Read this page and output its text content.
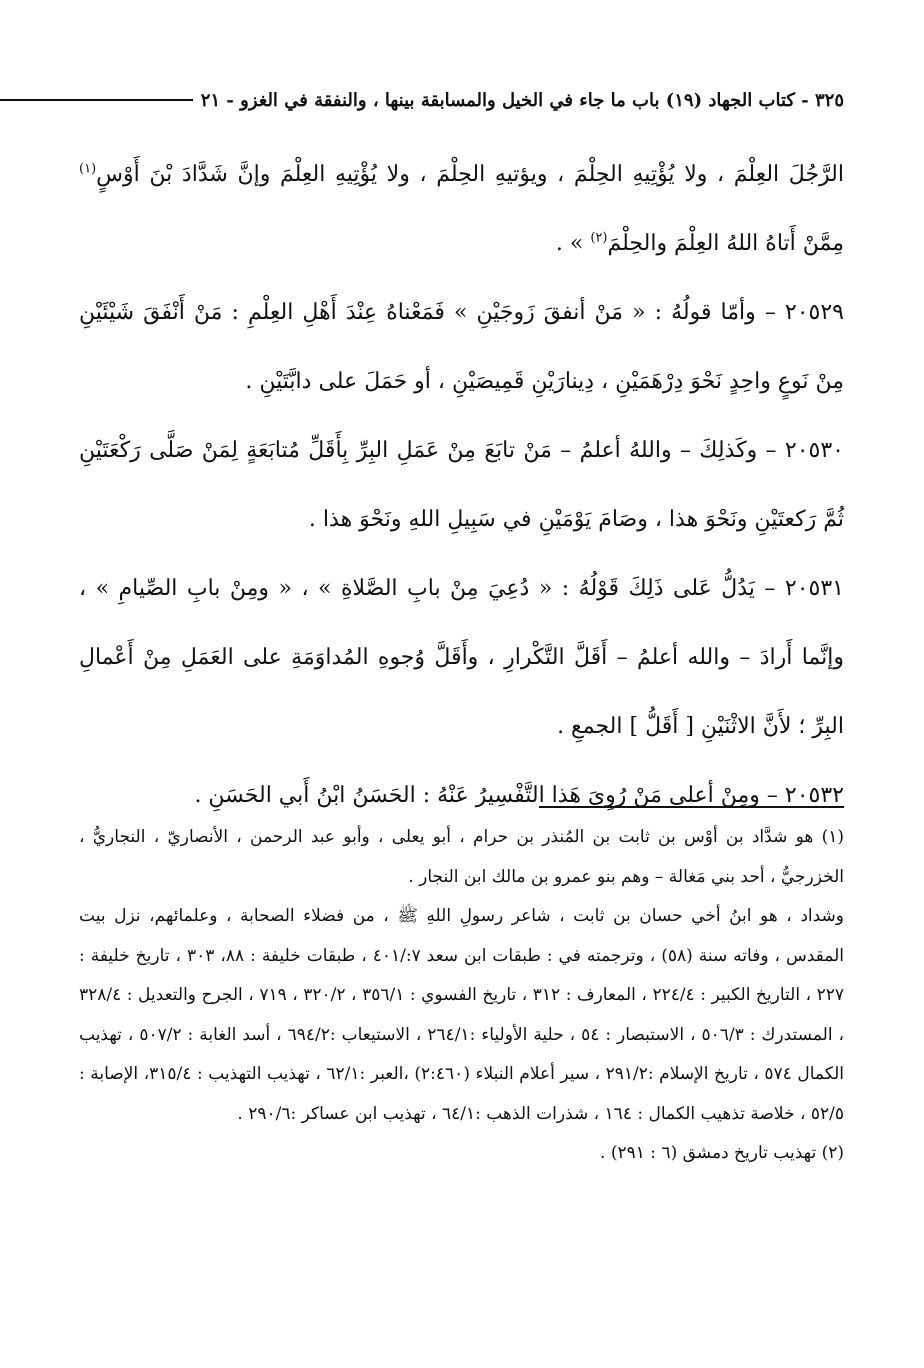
٣٢٥ - كتاب الجهاد (١٩) باب ما جاء في الخيل والمسابقة بينها ، والنفقة في الغزو - ٢١

الرَّجُلَ العِلْمَ ، ولا يُؤْتِيهِ الحِلْمَ ، ويؤتيهِ الحِلْمَ ، ولا يُؤْتِيهِ العِلْمَ وإنَّ شَدَّادَ بْنَ أَوْسٍ$^{(١)}$ مِمَّنْ أَتاهُ اللهُ العِلْمَ والحِلْمَ$^{(٢)}$ » .

٢٠٥٢٩ – وأمّا قولُهُ : « مَنْ أنفقَ زَوجَيْنِ » فَمَعْناهُ عِنْدَ أَهْلِ العِلْمِ : مَنْ أَنْفَقَ شَيْئَيْنِ مِنْ نَوعٍ واحِدٍ نَحْوَ دِرْهَمَيْنِ ، دِينارَيْنِ قَمِيصَيْنِ ، أو حَمَلَ على دابَّتَيْنِ .

٢٠٥٣٠ – وكَذلِكَ – واللهُ أعلمُ – مَنْ تابَعَ مِنْ عَمَلِ البِرِّ بِأَقَلِّ مُتابَعَةٍ لِمَنْ صَلَّى رَكْعَتَيْنِ ثُمَّ رَكعتَيْنِ ونَحْوَ هذا ، وصَامَ يَوْمَيْنِ في سَبِيلِ اللهِ ونَحْوَ هذا .

٢٠٥٣١ – يَدُلُّ عَلى ذَلِكَ قَوْلُهُ : « دُعِيَ مِنْ بابِ الصَّلاةِ » ، « ومِنْ بابِ الصِّيامِ » ، وإنَّما أَرادَ – والله أعلمُ – أَقَلَّ التَّكْرارِ ، وأَقَلَّ وُجوهِ المُداوَمَةِ على العَمَلِ مِنْ أَعْمالِ البِرِّ ؛ لأَنَّ الاثْنَيْنِ [ أَقَلُّ ] الجمعِ .

٢٠٥٣٢ – ومِنْ أعلى مَنْ رُوِيَ هَذا التَّفْسِيرُ عَنْهُ : الحَسَنُ ابْنُ أَبي الحَسَنِ .

(١) هو شدَّاد بن أوْس بن ثابت بن المُنذر بن حرام ، أبو يعلى ، وأبو عبد الرحمن ، الأنصاريّ ، النجاريُّ ، الخزرجيُّ ، أحد بني مَغالة – وهم بنو عمرو بن مالك ابن النجار .

وشداد ، هو ابنُ أخي حسان بن ثابت ، شاعر رسولِ اللهِ ﷺ ، من فضلاء الصحابة ، وعلمائهم، نزل بيت المقدس ، وفاته سنة (٥٨) ، وترجمته في : طبقات ابن سعد ٧:/٤٠١ ، طبقات خليفة : ٨٨، ٣٠٣ ، تاريخ خليفة : ٢٢٧ ، التاريخ الكبير : ٢٢٤/٤ ، المعارف : ٣١٢ ، تاريخ الفسوي : ٣٥٦/١ ، ٣٢٠/٢ ، ٧١٩ ، الجرح والتعديل : ٣٢٨/٤ ، المستدرك : ٥٠٦/٣ ، الاستبصار : ٥٤ ، حلية الأولياء :٢٦٤/١ ، الاستيعاب :٦٩٤/٢ ، أسد الغابة : ٥٠٧/٢ ، تهذيب الكمال ٥٧٤ ، تاريخ الإسلام :٢٩١/٢ ، سير أعلام النبلاء (٢:٤٦٠) ،العبر :٦٢/١ ، تهذيب التهذيب : ٣١٥/٤، الإصابة : ٥٢/٥ ، خلاصة تذهيب الكمال : ١٦٤ ، شذرات الذهب :٦٤/١ ، تهذيب ابن عساكر :٢٩٠/٦ .

(٢) تهذيب تاريخ دمشق (٦ : ٢٩١) .
